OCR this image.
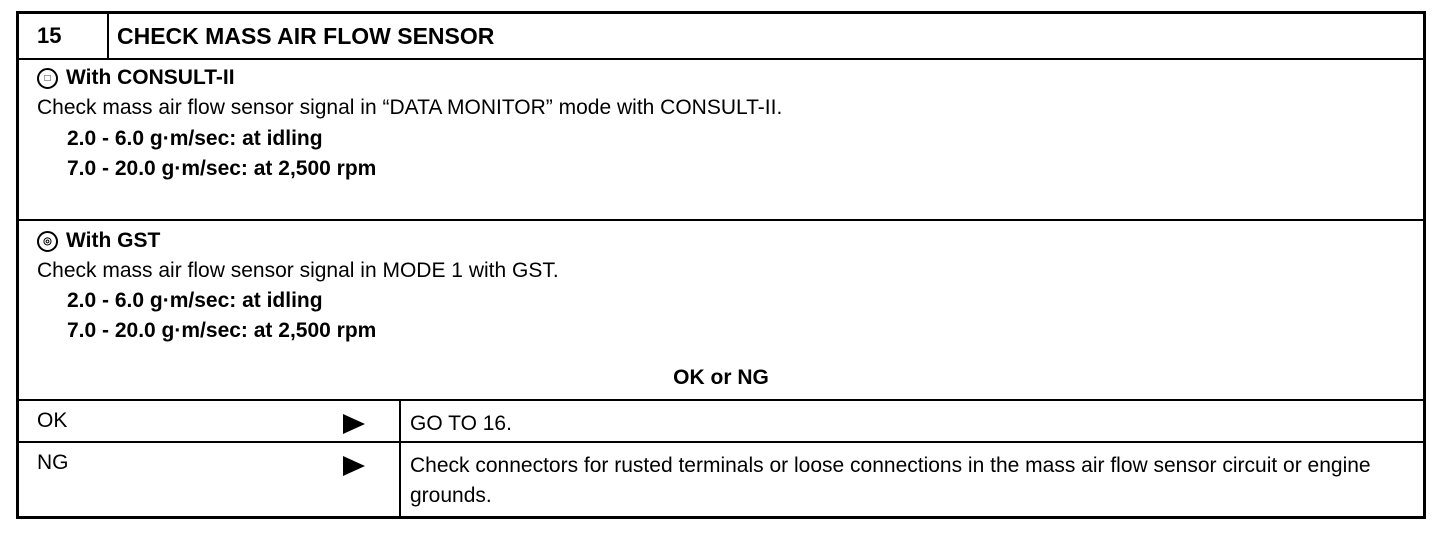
15	CHECK MASS AIR FLOW SENSOR
□ With CONSULT-II
Check mass air flow sensor signal in “DATA MONITOR” mode with CONSULT-II.
2.0 - 6.0 g·m/sec: at idling
7.0 - 20.0 g·m/sec: at 2,500 rpm
◎ With GST
Check mass air flow sensor signal in MODE 1 with GST.
2.0 - 6.0 g·m/sec: at idling
7.0 - 20.0 g·m/sec: at 2,500 rpm
OK or NG
OK	GO TO 16.
NG	Check connectors for rusted terminals or loose connections in the mass air flow sensor circuit or engine grounds.
